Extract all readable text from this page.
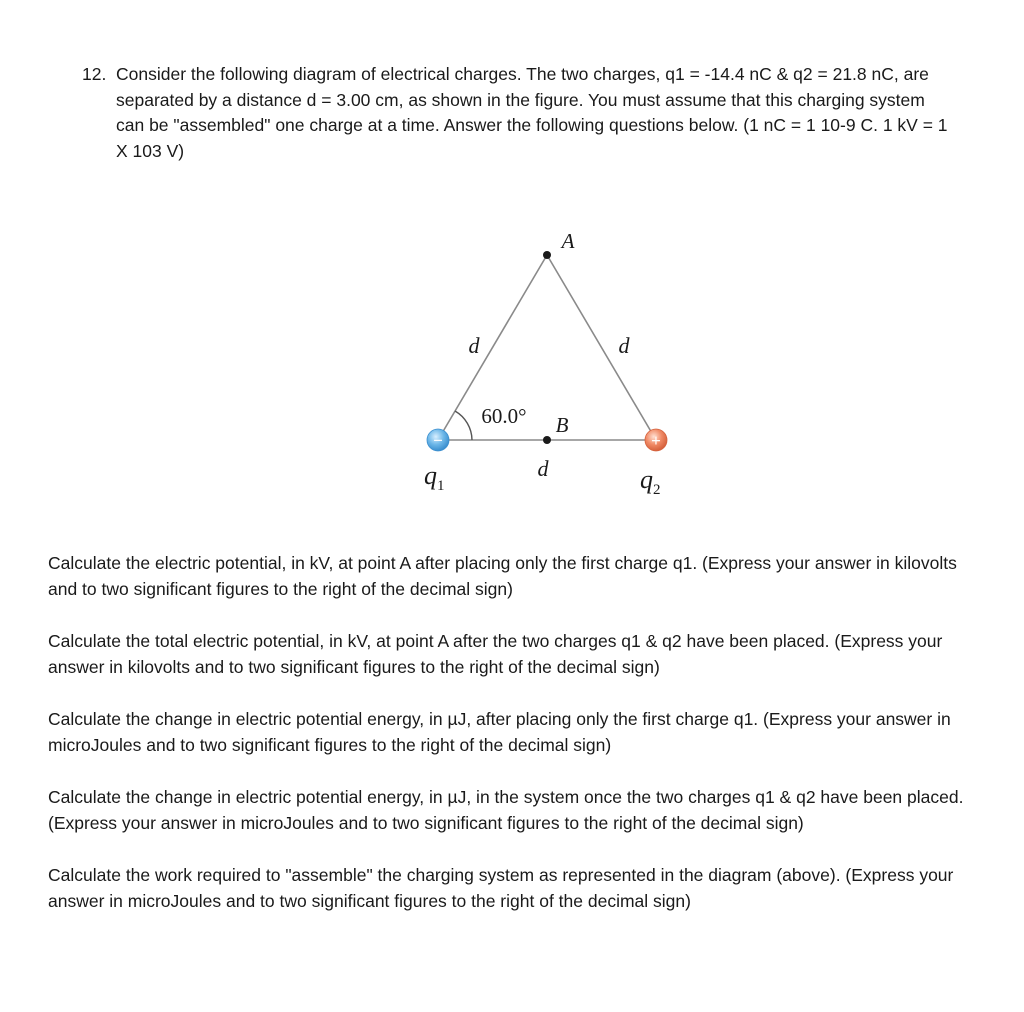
12. Consider the following diagram of electrical charges. The two charges, q1 = -14.4 nC & q2 = 21.8 nC, are separated by a distance d = 3.00 cm, as shown in the figure. You must assume that this charging system can be "assembled" one charge at a time. Answer the following questions below. (1 nC = 1 10-9 C. 1 kV = 1 X 103 V)
A
B
d	d
d
60.0°
−	+
$q_1$	$q_2$

Calculate the electric potential, in kV, at point A after placing only the first charge q1. (Express your answer in kilovolts and to two significant figures to the right of the decimal sign)

Calculate the total electric potential, in kV, at point A after the two charges q1 & q2 have been placed. (Express your answer in kilovolts and to two significant figures to the right of the decimal sign)

Calculate the change in electric potential energy, in µJ, after placing only the first charge q1. (Express your answer in microJoules and to two significant figures to the right of the decimal sign)

Calculate the change in electric potential energy, in µJ, in the system once the two charges q1 & q2 have been placed. (Express your answer in microJoules and to two significant figures to the right of the decimal sign)

Calculate the work required to "assemble" the charging system as represented in the diagram (above). (Express your answer in microJoules and to two significant figures to the right of the decimal sign)
